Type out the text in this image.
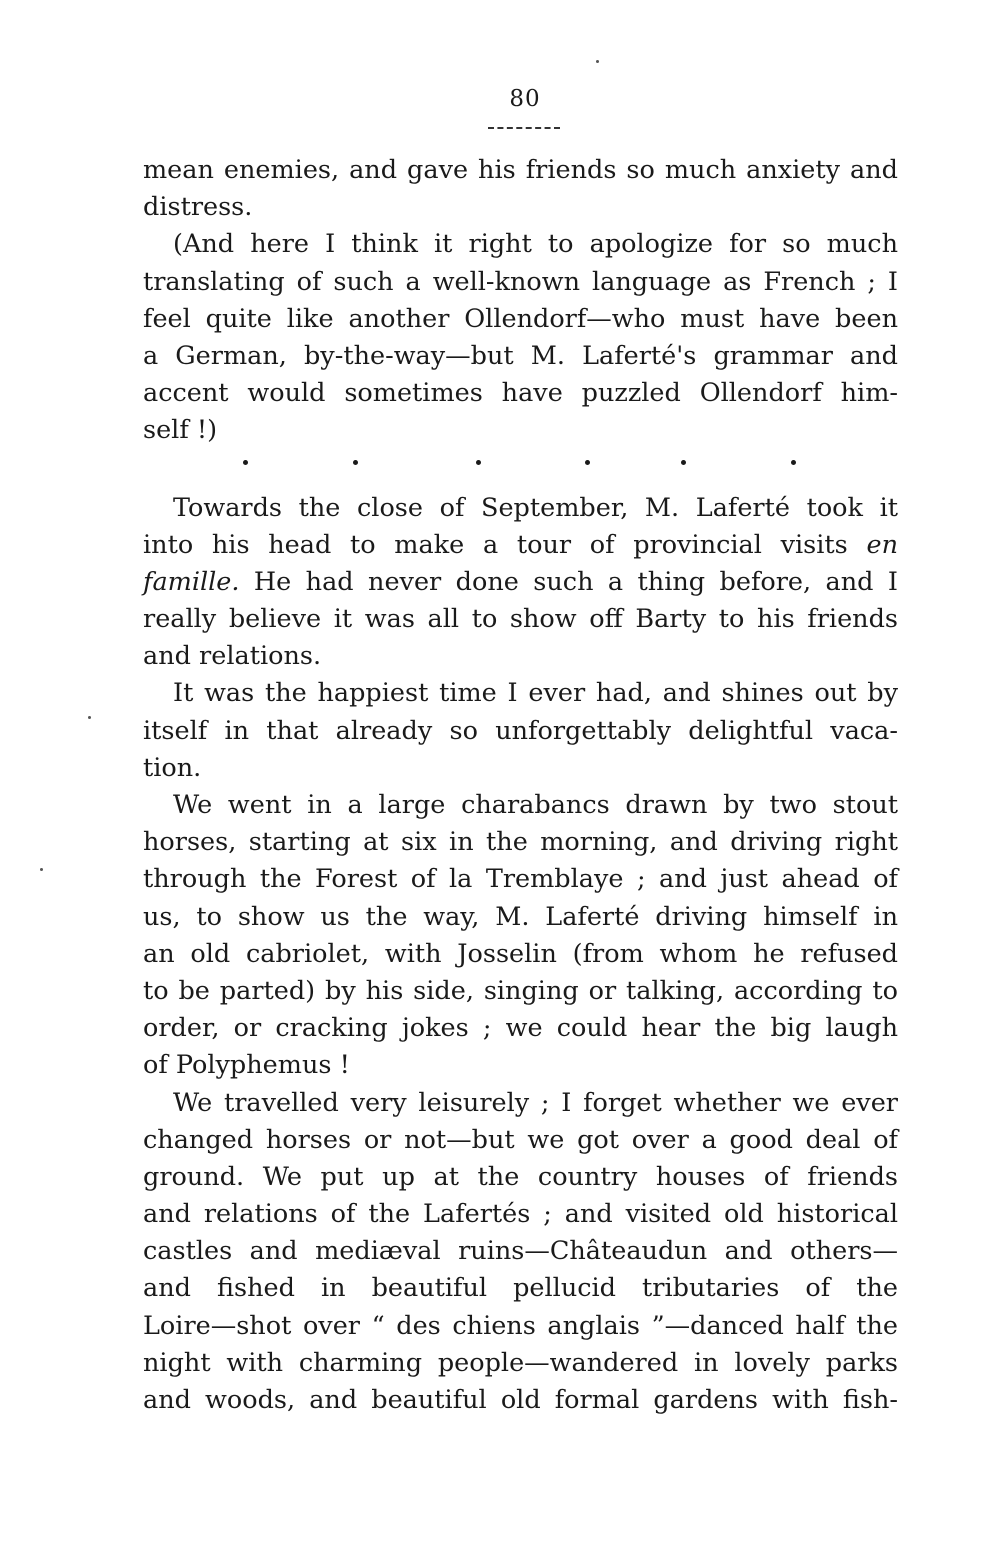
80
mean enemies, and gave his friends so much anxiety and
distress.
(And here I think it right to apologize for so much
translating of such a well-known language as French ; I
feel quite like another Ollendorf—who must have been
a German, by-the-way—but M. Laferté's grammar and
accent would sometimes have puzzled Ollendorf him-
self !)
Towards the close of September, M. Laferté took it
into his head to make a tour of provincial visits en
famille. He had never done such a thing before, and I
really believe it was all to show off Barty to his friends
and relations.
It was the happiest time I ever had, and shines out by
itself in that already so unforgettably delightful vaca-
tion.
We went in a large charabancs drawn by two stout
horses, starting at six in the morning, and driving right
through the Forest of la Tremblaye ; and just ahead of
us, to show us the way, M. Laferté driving himself in
an old cabriolet, with Josselin (from whom he refused
to be parted) by his side, singing or talking, according to
order, or cracking jokes ; we could hear the big laugh
of Polyphemus !
We travelled very leisurely ; I forget whether we ever
changed horses or not—but we got over a good deal of
ground. We put up at the country houses of friends
and relations of the Lafertés ; and visited old historical
castles and mediæval ruins—Châteaudun and others—
and fished in beautiful pellucid tributaries of the
Loire—shot over “ des chiens anglais ”—danced half the
night with charming people—wandered in lovely parks
and woods, and beautiful old formal gardens with fish-
